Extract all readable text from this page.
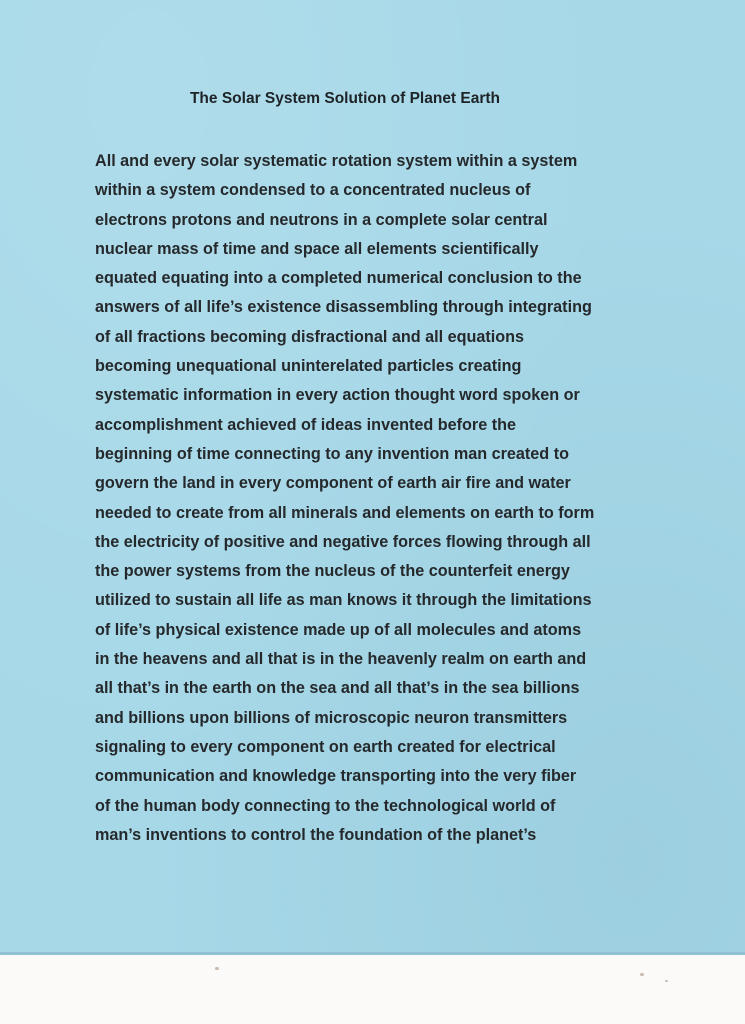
The Solar System Solution of Planet Earth
All and every solar systematic rotation system within a system
within a system condensed to a concentrated nucleus of
electrons protons and neutrons in a complete solar central
nuclear mass of time and space all elements scientifically
equated equating into a completed numerical conclusion to the
answers of all life’s existence disassembling through integrating
of all fractions becoming disfractional and all equations
becoming unequational uninterelated particles creating
systematic information in every action thought word spoken or
accomplishment achieved of ideas invented before the
beginning of time connecting to any invention man created to
govern the land in every component of earth air fire and water
needed to create from all minerals and elements on earth to form
the electricity of positive and negative forces flowing through all
the power systems from the nucleus of the counterfeit energy
utilized to sustain all life as man knows it through the limitations
of life’s physical existence made up of all molecules and atoms
in the heavens and all that is in the heavenly realm on earth and
all that’s in the earth on the sea and all that’s in the sea billions
and billions upon billions of microscopic neuron transmitters
signaling to every component on earth created for electrical
communication and knowledge transporting into the very fiber
of the human body connecting to the technological world of
man’s inventions to control the foundation of the planet’s
